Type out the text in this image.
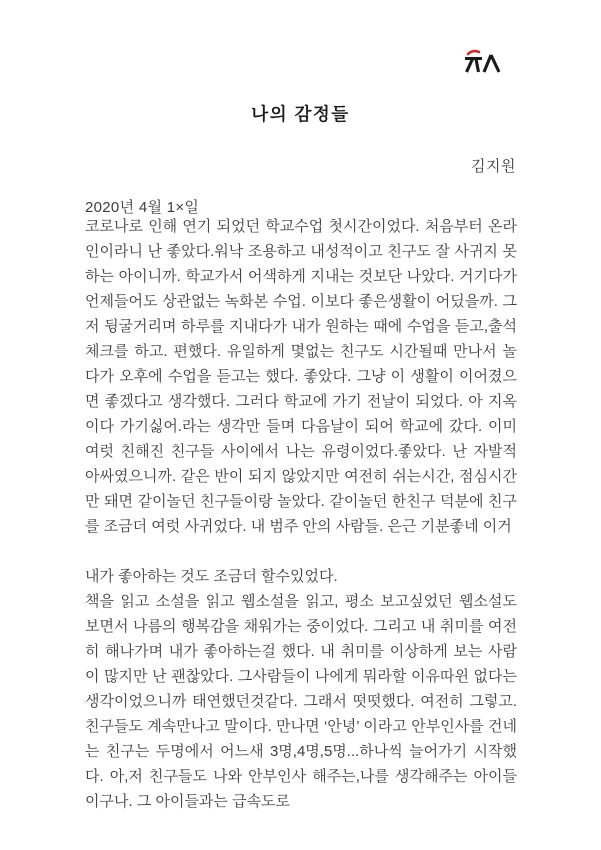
나의 감정들
김지원
2020년 4월 1×일

코로나로 인해 연기 되었던 학교수업 첫시간이었다. 처음부터 온라인이라니 난 좋았다.워낙 조용하고 내성적이고 친구도 잘 사귀지 못하는 아이니까. 학교가서 어색하게 지내는 것보단 나았다. 거기다가 언제들어도 상관없는 녹화본 수업. 이보다 좋은생활이 어딨을까. 그저 뒹굴거리며 하루를 지내다가 내가 원하는 때에 수업을 듣고,출석체크를 하고. 편했다. 유일하게 몇없는 친구도 시간될때 만나서 놀다가 오후에 수업을 듣고는 했다. 좋았다. 그냥 이 생활이 이어졌으면 좋겠다고 생각했다. 그러다 학교에 가기 전날이 되었다. 아 지옥이다 가기싫어.라는 생각만 들며 다음날이 되어 학교에 갔다. 이미 여럿 친해진 친구들 사이에서 나는 유령이었다.좋았다. 난 자발적 아싸였으니까. 같은 반이 되지 않았지만 여전히 쉬는시간, 점심시간만 돼면 같이놀던 친구들이랑 놀았다. 같이놀던 한친구 덕분에 친구를 조금더 여럿 사귀었다. 내 범주 안의 사람들. 은근 기분좋네 이거

내가 좋아하는 것도 조금더 할수있었다.

책을 읽고 소설을 읽고 웹소설을 읽고, 평소 보고싶었던 웹소설도 보면서 나름의 행복감을 채워가는 중이었다. 그리고 내 취미를 여전히 해나가며 내가 좋아하는걸 했다. 내 취미를 이상하게 보는 사람이 많지만 난 괜찮았다. 그사람들이 나에게 뭐라할 이유따윈 없다는 생각이었으니까 태연했던것같다. 그래서 떳떳했다. 여전히 그렇고. 친구들도 계속만나고 말이다. 만나면 ‘안녕’ 이라고 안부인사를 건네는 친구는 두명에서 어느새 3명,4명,5명...하나씩 늘어가기 시작했다. 아,저 친구들도 나와 안부인사 해주는,나를 생각해주는 아이들이구나. 그 아이들과는 급속도로
